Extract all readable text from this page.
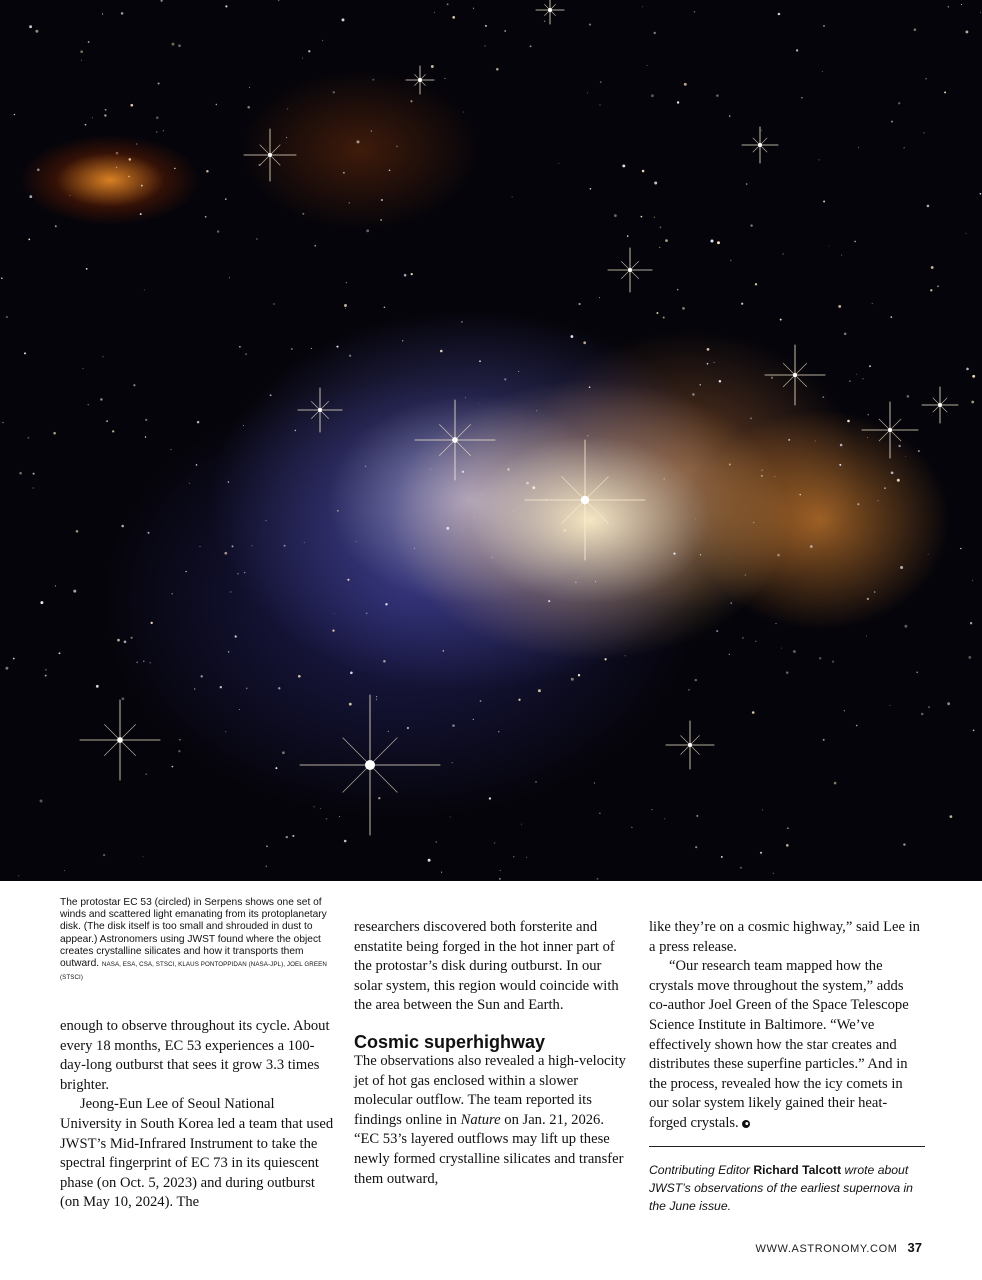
The protostar EC 53 (circled) in Serpens shows one set of winds and scattered light emanating from its protoplanetary disk. (The disk itself is too small and shrouded in dust to appear.) Astronomers using JWST found where the object creates crystalline silicates and how it transports them outward. NASA, ESA, CSA, STSCI, KLAUS PONTOPPIDAN (NASA-JPL), JOEL GREEN (STSCI)

enough to observe throughout its cycle. About every 18 months, EC 53 experiences a 100-day-long outburst that sees it grow 3.3 times brighter.

Jeong-Eun Lee of Seoul National University in South Korea led a team that used JWST’s Mid-Infrared Instrument to take the spectral fingerprint of EC 73 in its quiescent phase (on Oct. 5, 2023) and during outburst (on May 10, 2024). The

researchers discovered both forsterite and enstatite being forged in the hot inner part of the protostar’s disk during outburst. In our solar system, this region would coincide with the area between the Sun and Earth.

Cosmic superhighway

The observations also revealed a high-velocity jet of hot gas enclosed within a slower molecular outflow. The team reported its findings online in Nature on Jan. 21, 2026. “EC 53’s layered outflows may lift up these newly formed crystalline silicates and transfer them outward,

like they’re on a cosmic highway,” said Lee in a press release.

“Our research team mapped how the crystals move throughout the system,” adds co-author Joel Green of the Space Telescope Science Institute in Baltimore. “We’ve effectively shown how the star creates and distributes these superfine particles.” And in the process, revealed how the icy comets in our solar system likely gained their heat-forged crystals.

Contributing Editor Richard Talcott wrote about JWST’s observations of the earliest supernova in the June issue.
WWW.ASTRONOMY.COM 37
